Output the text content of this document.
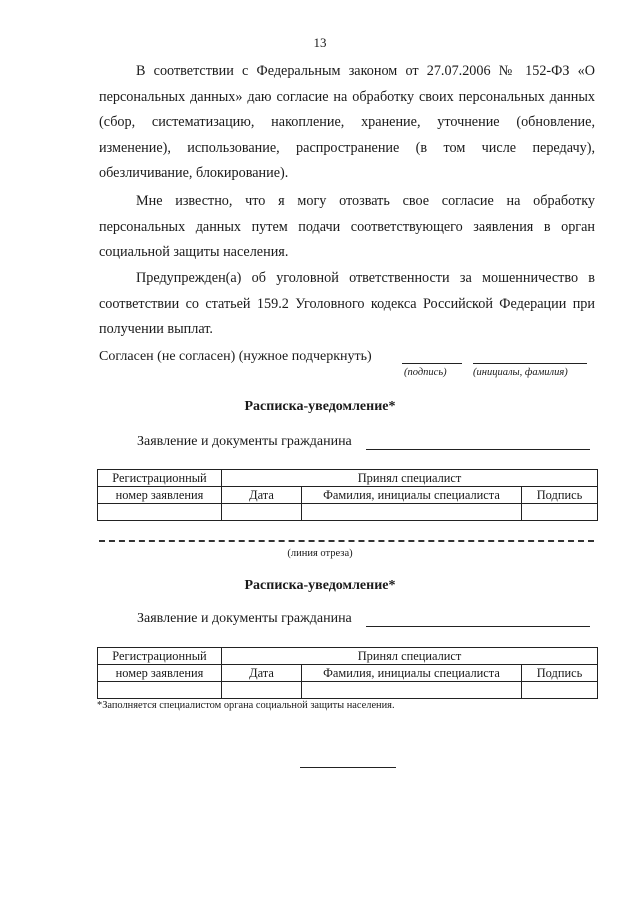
13
В соответствии с Федеральным законом от 27.07.2006 № 152-ФЗ «О персональных данных» даю согласие на обработку своих персональных данных (сбор, систематизацию, накопление, хранение, уточнение (обновление, изменение), использование, распространение (в том числе передачу), обезличивание, блокирование).
Мне известно, что я могу отозвать свое согласие на обработку персональных данных путем подачи соответствующего заявления в орган социальной защиты населения.
Предупрежден(а) об уголовной ответственности за мошенничество в соответствии со статьей 159.2 Уголовного кодекса Российской Федерации при получении выплат.
Согласен (не согласен) (нужное подчеркнуть)
(подпись)	(инициалы, фамилия)
Расписка-уведомление*
Заявление и документы гражданина
Регистрационный	Принял специалист		
номер заявления	Дата	Фамилия, инициалы специалиста	Подпись

(линия отреза)
Расписка-уведомление*
Заявление и документы гражданина
Регистрационный	Принял специалист		
номер заявления	Дата	Фамилия, инициалы специалиста	Подпись

*Заполняется специалистом органа социальной защиты населения.
